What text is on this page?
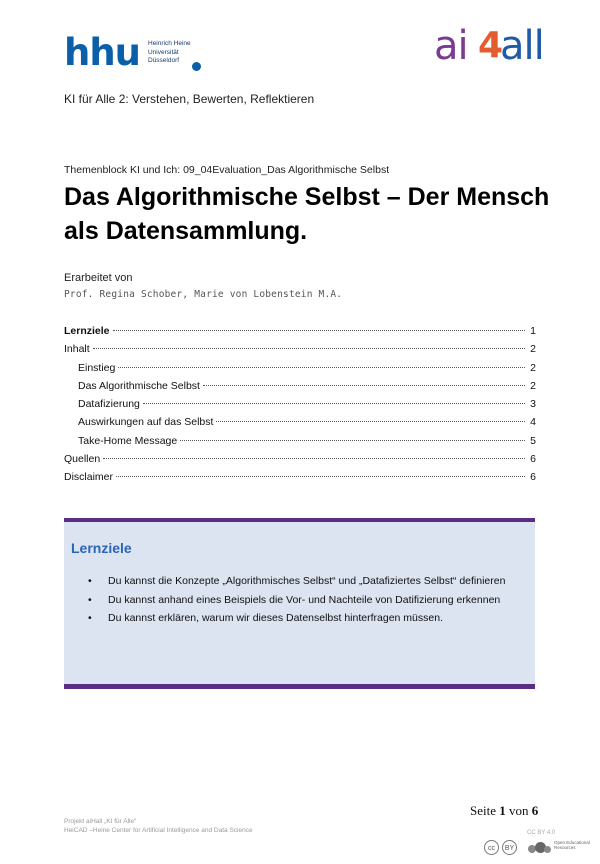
hhu Heinrich Heine
Universität
Düsseldorf	ai 4
all
KI für Alle 2: Verstehen, Bewerten, Reflektieren
Themenblock KI und Ich: 09_04Evaluation_Das Algorithmische Selbst
Das Algorithmische Selbst – Der Mensch
als Datensammlung.
Erarbeitet von
Prof. Regina Schober, Marie von Lobenstein M.A.
Lernziele	1
Inhalt	2
Einstieg	2
Das Algorithmische Selbst	2
Datafizierung	3
Auswirkungen auf das Selbst	4
Take-Home Message	5
Quellen	6
Disclaimer	6
Lernziele
• Du kannst die Konzepte „Algorithmisches Selbst“ und „Datafiziertes Selbst“ definieren
• Du kannst anhand eines Beispiels die Vor- und Nachteile von Datifizierung erkennen
• Du kannst erklären, warum wir dieses Datenselbst hinterfragen müssen.
Seite 1 von 6
Projekt aiHall „KI für Alle“
HeiCAD –Heine Center for Artificial Intelligence and Data Science	CC BY 4.0
cc	BY
Open Educational Resources
